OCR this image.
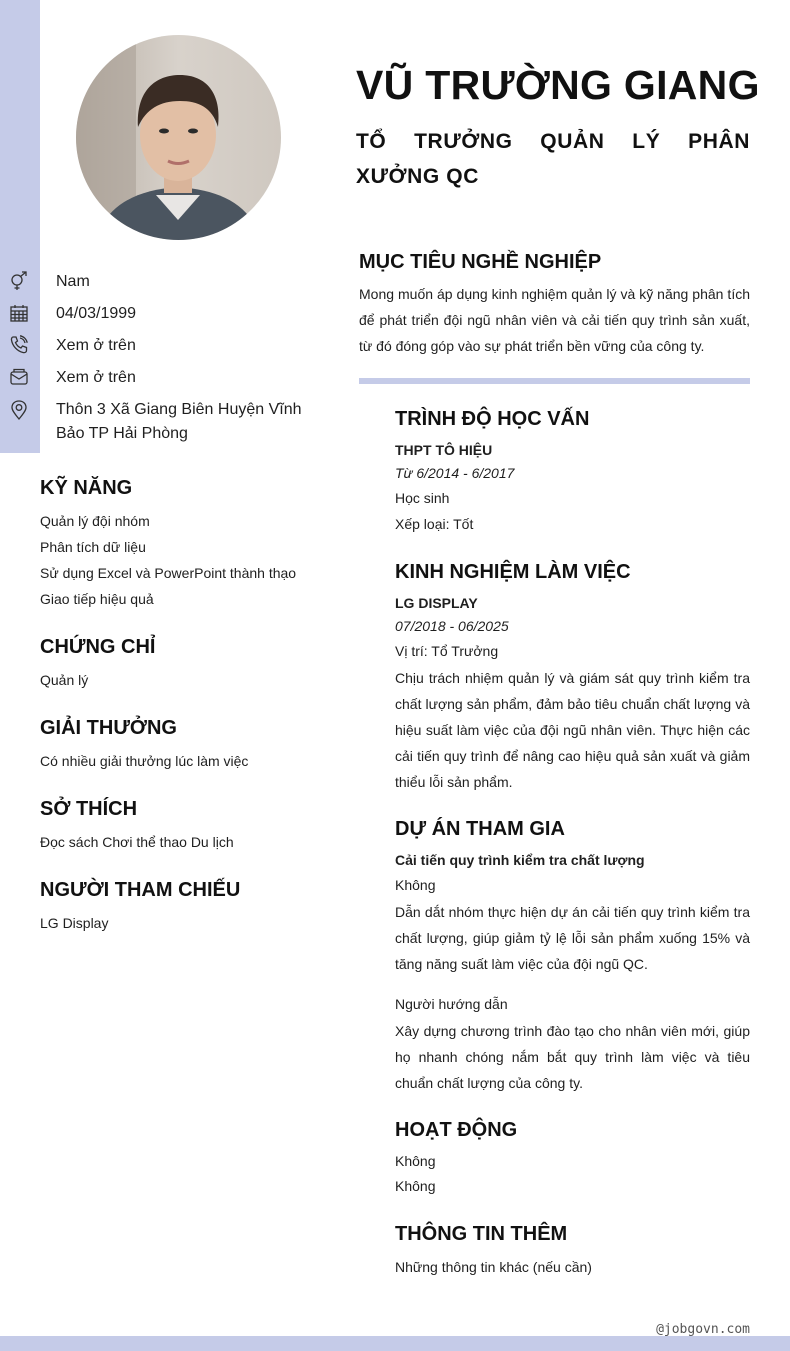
VŨ TRƯỜNG GIANG
TỔ TRƯỞNG QUẢN LÝ PHÂN XƯỞNG QC
Nam
04/03/1999
Xem ở trên
Xem ở trên
Thôn 3 Xã Giang Biên Huyện Vĩnh Bảo TP Hải Phòng
KỸ NĂNG
Quản lý đội nhóm
Phân tích dữ liệu
Sử dụng Excel và PowerPoint thành thạo
Giao tiếp hiệu quả
CHỨNG CHỈ
Quản lý
GIẢI THƯỞNG
Có nhiều giải thưởng lúc làm việc
SỞ THÍCH
Đọc sách Chơi thể thao Du lịch
NGƯỜI THAM CHIẾU
LG Display
MỤC TIÊU NGHỀ NGHIỆP
Mong muốn áp dụng kinh nghiệm quản lý và kỹ năng phân tích để phát triển đội ngũ nhân viên và cải tiến quy trình sản xuất, từ đó đóng góp vào sự phát triển bền vững của công ty.
TRÌNH ĐỘ HỌC VẤN
THPT TÔ HIỆU
Từ 6/2014 - 6/2017
Học sinh
Xếp loại: Tốt
KINH NGHIỆM LÀM VIỆC
LG DISPLAY
07/2018 - 06/2025
Vị trí: Tổ Trưởng
Chịu trách nhiệm quản lý và giám sát quy trình kiểm tra chất lượng sản phẩm, đảm bảo tiêu chuẩn chất lượng và hiệu suất làm việc của đội ngũ nhân viên. Thực hiện các cải tiến quy trình để nâng cao hiệu quả sản xuất và giảm thiểu lỗi sản phẩm.
DỰ ÁN THAM GIA
Cải tiến quy trình kiểm tra chất lượng
Không
Dẫn dắt nhóm thực hiện dự án cải tiến quy trình kiểm tra chất lượng, giúp giảm tỷ lệ lỗi sản phẩm xuống 15% và tăng năng suất làm việc của đội ngũ QC.
Người hướng dẫn
Xây dựng chương trình đào tạo cho nhân viên mới, giúp họ nhanh chóng nắm bắt quy trình làm việc và tiêu chuẩn chất lượng của công ty.
HOẠT ĐỘNG
Không
Không
THÔNG TIN THÊM
Những thông tin khác (nếu cần)
@jobgovn.com
